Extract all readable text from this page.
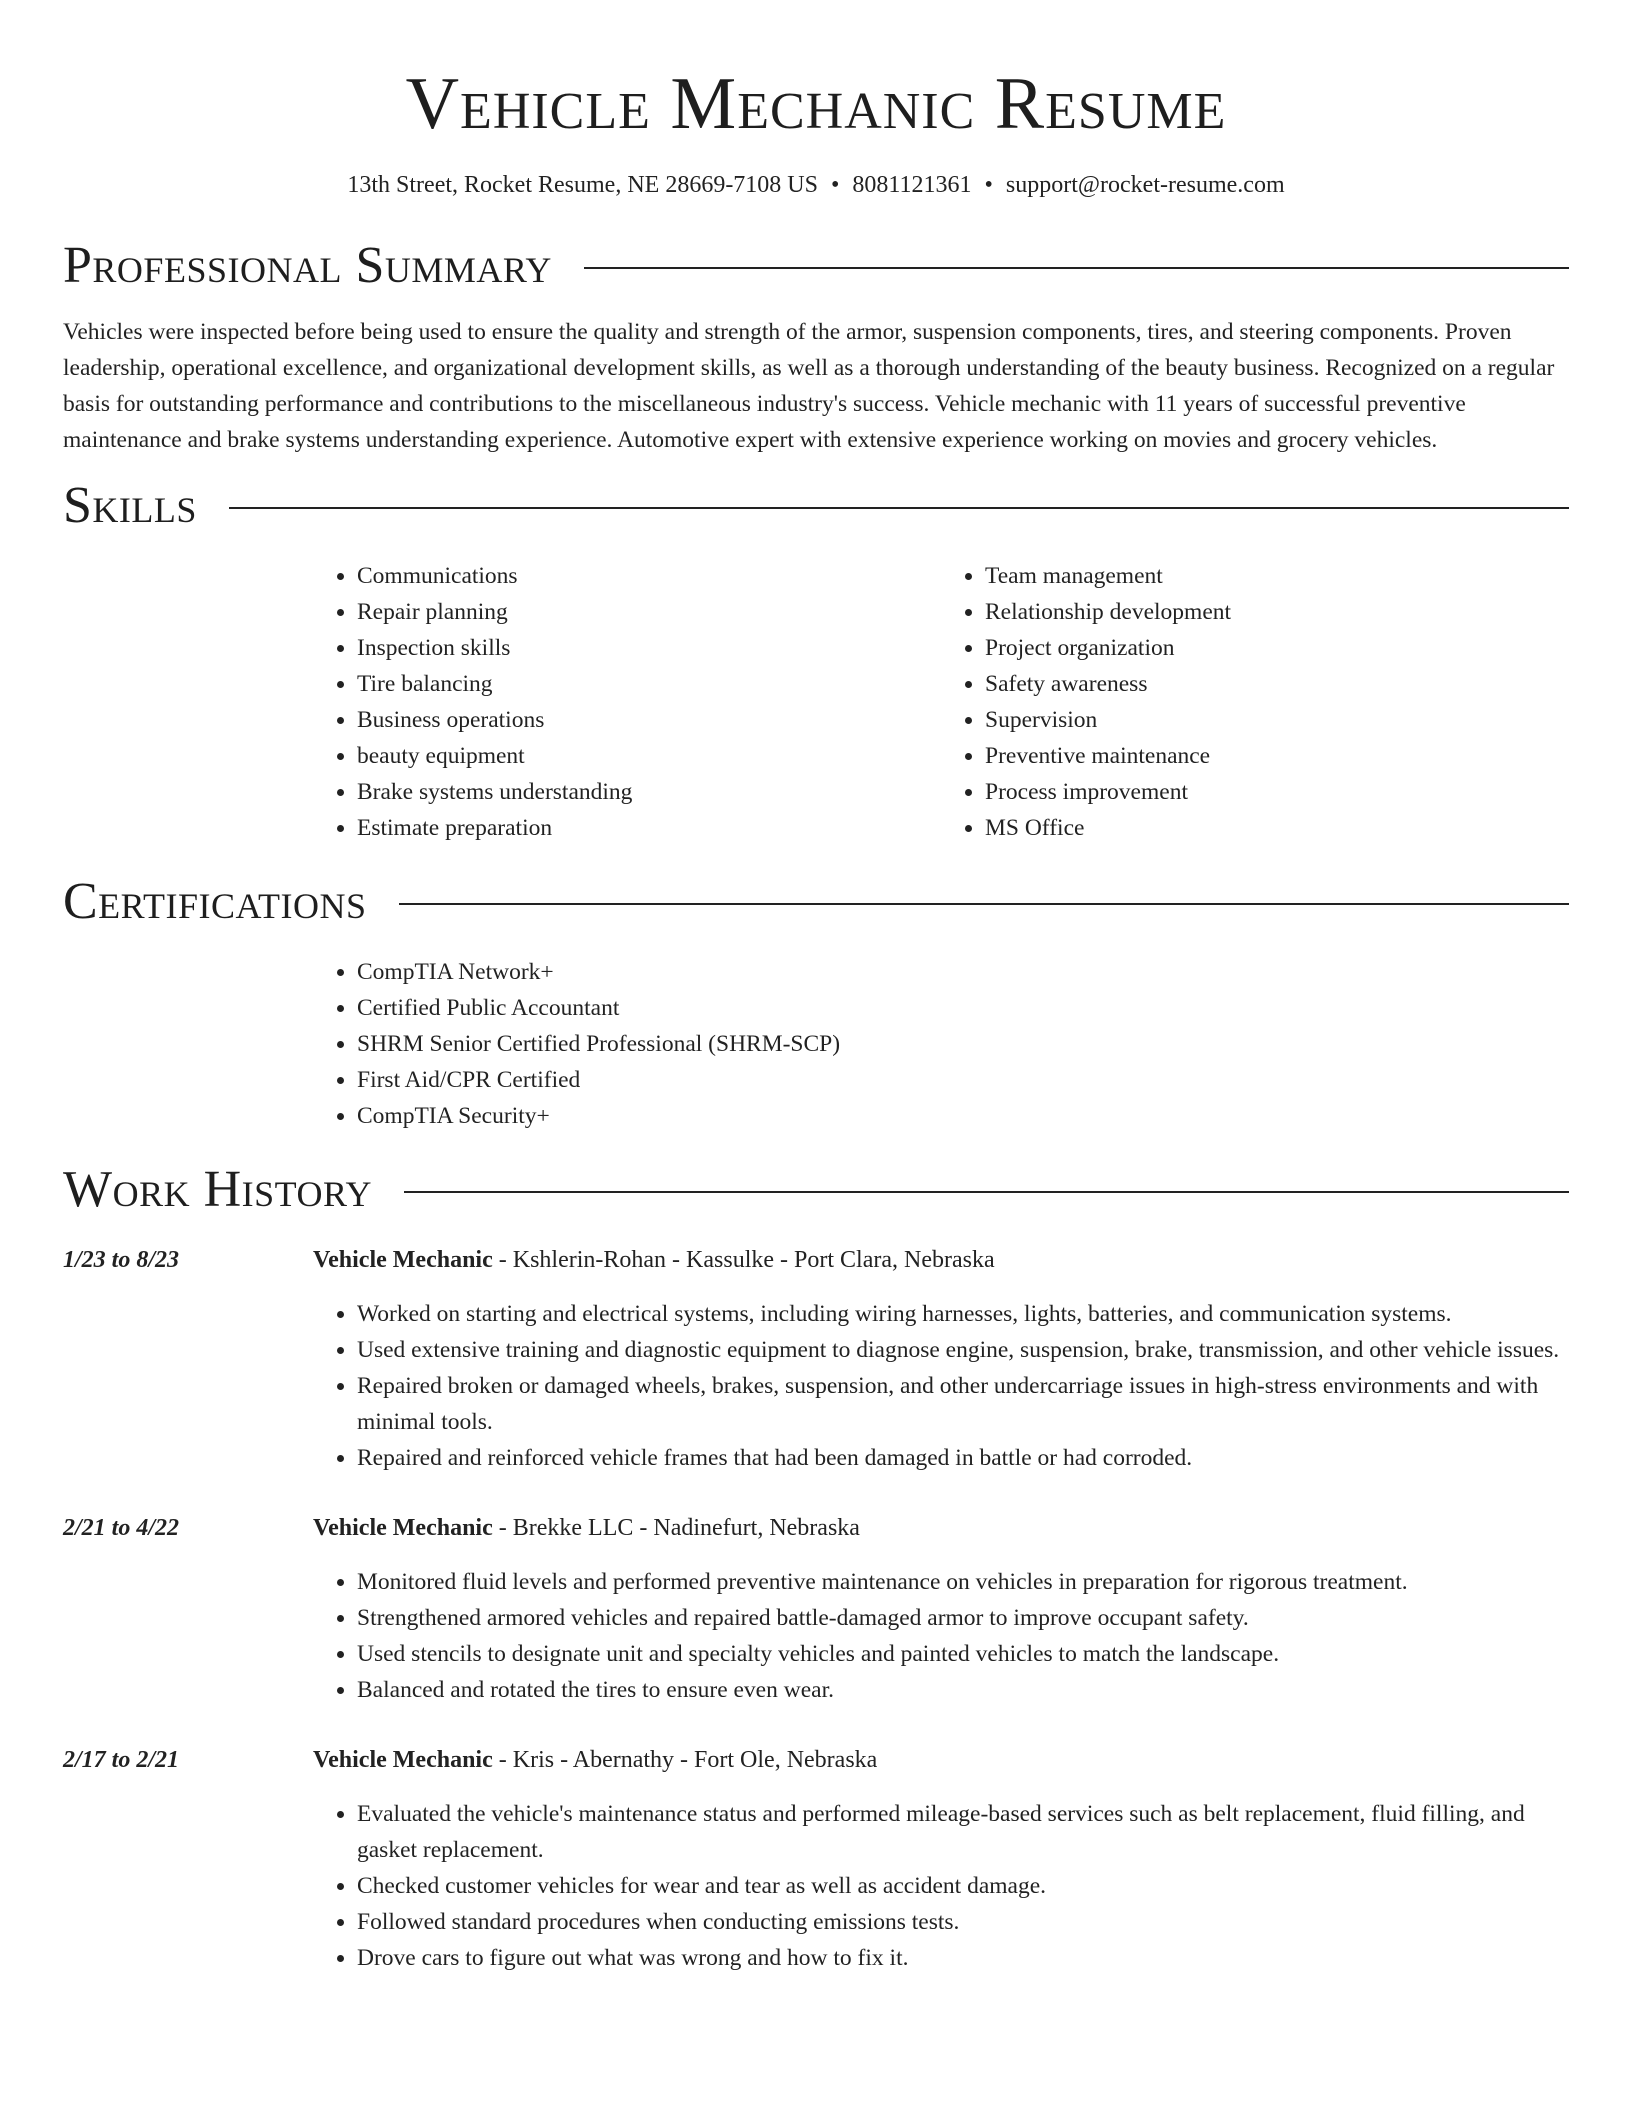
Vehicle Mechanic Resume
13th Street, Rocket Resume, NE 28669-7108 US • 8081121361 • support@rocket-resume.com
Professional Summary

Vehicles were inspected before being used to ensure the quality and strength of the armor, suspension components, tires, and steering components. Proven leadership, operational excellence, and organizational development skills, as well as a thorough understanding of the beauty business. Recognized on a regular basis for outstanding performance and contributions to the miscellaneous industry's success. Vehicle mechanic with 11 years of successful preventive maintenance and brake systems understanding experience. Automotive expert with extensive experience working on movies and grocery vehicles.

Skills
• Communications
• Repair planning
• Inspection skills
• Tire balancing
• Business operations
• beauty equipment
• Brake systems understanding
• Estimate preparation
• Team management
• Relationship development
• Project organization
• Safety awareness
• Supervision
• Preventive maintenance
• Process improvement
• MS Office
Certifications
• CompTIA Network+
• Certified Public Accountant
• SHRM Senior Certified Professional (SHRM-SCP)
• First Aid/CPR Certified
• CompTIA Security+
Work History
1/23 to 8/23	Vehicle Mechanic - Kshlerin-Rohan - Kassulke - Port Clara, Nebraska
• Worked on starting and electrical systems, including wiring harnesses, lights, batteries, and communication systems.
• Used extensive training and diagnostic equipment to diagnose engine, suspension, brake, transmission, and other vehicle issues.
• Repaired broken or damaged wheels, brakes, suspension, and other undercarriage issues in high-stress environments and with minimal tools.
• Repaired and reinforced vehicle frames that had been damaged in battle or had corroded.
2/21 to 4/22	Vehicle Mechanic - Brekke LLC - Nadinefurt, Nebraska
• Monitored fluid levels and performed preventive maintenance on vehicles in preparation for rigorous treatment.
• Strengthened armored vehicles and repaired battle-damaged armor to improve occupant safety.
• Used stencils to designate unit and specialty vehicles and painted vehicles to match the landscape.
• Balanced and rotated the tires to ensure even wear.
2/17 to 2/21	Vehicle Mechanic - Kris - Abernathy - Fort Ole, Nebraska
• Evaluated the vehicle's maintenance status and performed mileage-based services such as belt replacement, fluid filling, and gasket replacement.
• Checked customer vehicles for wear and tear as well as accident damage.
• Followed standard procedures when conducting emissions tests.
• Drove cars to figure out what was wrong and how to fix it.
